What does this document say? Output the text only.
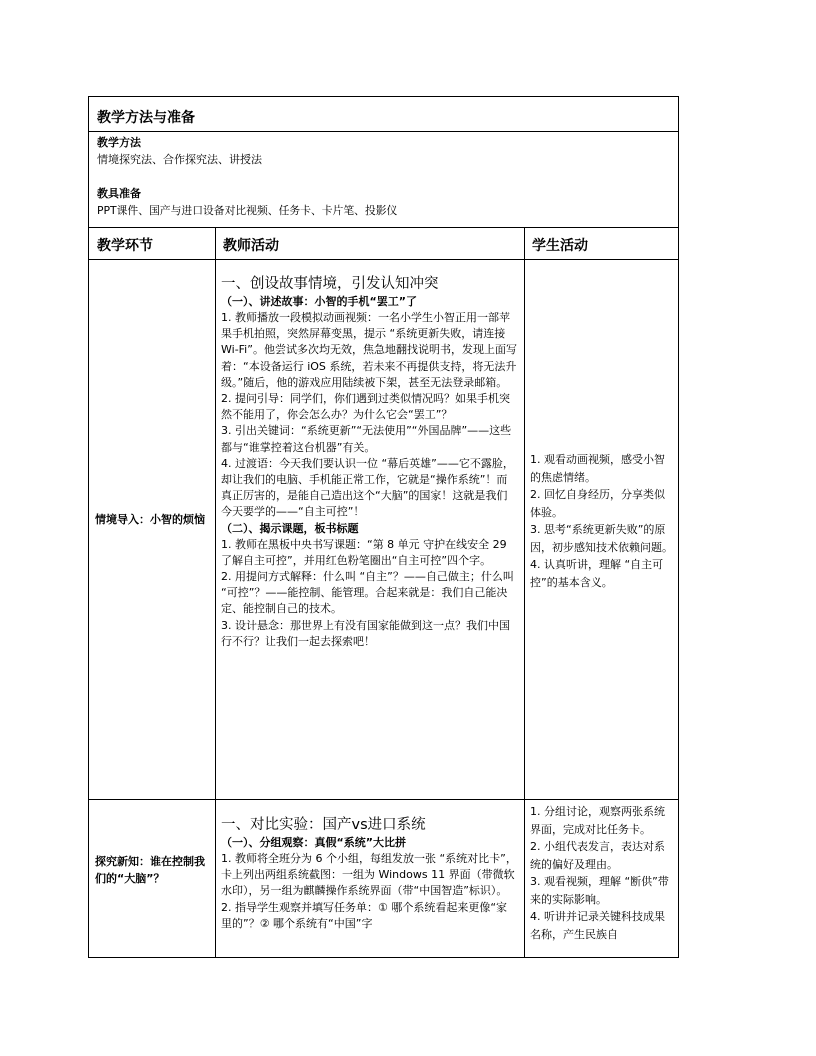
教学方法与准备
教学方法
情境探究法、合作探究法、讲授法
教具准备
PPT课件、国产与进口设备对比视频、任务卡、卡片笔、投影仪
教学环节	教师活动	学生活动
情境导入：小智的烦恼
一、创设故事情境，引发认知冲突
（一）、讲述故事：小智的手机“罢工”了

1. 教师播放一段模拟动画视频：一名小学生小智正用一部苹果手机拍照，突然屏幕变黑，提示 “系统更新失败，请连接 Wi-Fi”。他尝试多次均无效，焦急地翻找说明书，发现上面写着：“本设备运行 iOS 系统，若未来不再提供支持，将无法升级。”随后，他的游戏应用陆续被下架，甚至无法登录邮箱。

2. 提问引导：同学们，你们遇到过类似情况吗？如果手机突然不能用了，你会怎么办？为什么它会“罢工”？

3. 引出关键词：“系统更新”“无法使用”“外国品牌”——这些都与“谁掌控着这台机器”有关。

4. 过渡语：今天我们要认识一位 “幕后英雄”——它不露脸，却让我们的电脑、手机能正常工作，它就是“操作系统”！而真正厉害的，是能自己造出这个“大脑”的国家！这就是我们今天要学的——“自主可控”！

（二）、揭示课题，板书标题

1. 教师在黑板中央书写课题：“第 8 单元 守护在线安全 29 了解自主可控”，并用红色粉笔圈出“自主可控”四个字。

2. 用提问方式解释：什么叫 “自主”？——自己做主；什么叫 “可控”？——能控制、能管理。合起来就是：我们自己能决定、能控制自己的技术。

3. 设计悬念：那世界上有没有国家能做到这一点？我们中国行不行？让我们一起去探索吧！

1. 观看动画视频，感受小智的焦虑情绪。

2. 回忆自身经历，分享类似体验。

3. 思考“系统更新失败”的原因，初步感知技术依赖问题。

4. 认真听讲，理解 “自主可控”的基本含义。

探究新知：谁在控制我们的“大脑”？
一、对比实验：国产vs进口系统
（一）、分组观察：真假“系统”大比拼

1. 教师将全班分为 6 个小组，每组发放一张 “系统对比卡”，卡上列出两组系统截图：一组为 Windows 11 界面（带微软水印），另一组为麒麟操作系统界面（带“中国智造”标识）。

2. 指导学生观察并填写任务单：① 哪个系统看起来更像“家里的”？② 哪个系统有“中国”字

1. 分组讨论，观察两张系统界面，完成对比任务卡。

2. 小组代表发言，表达对系统的偏好及理由。

3. 观看视频，理解 “断供”带来的实际影响。

4. 听讲并记录关键科技成果名称，产生民族自
